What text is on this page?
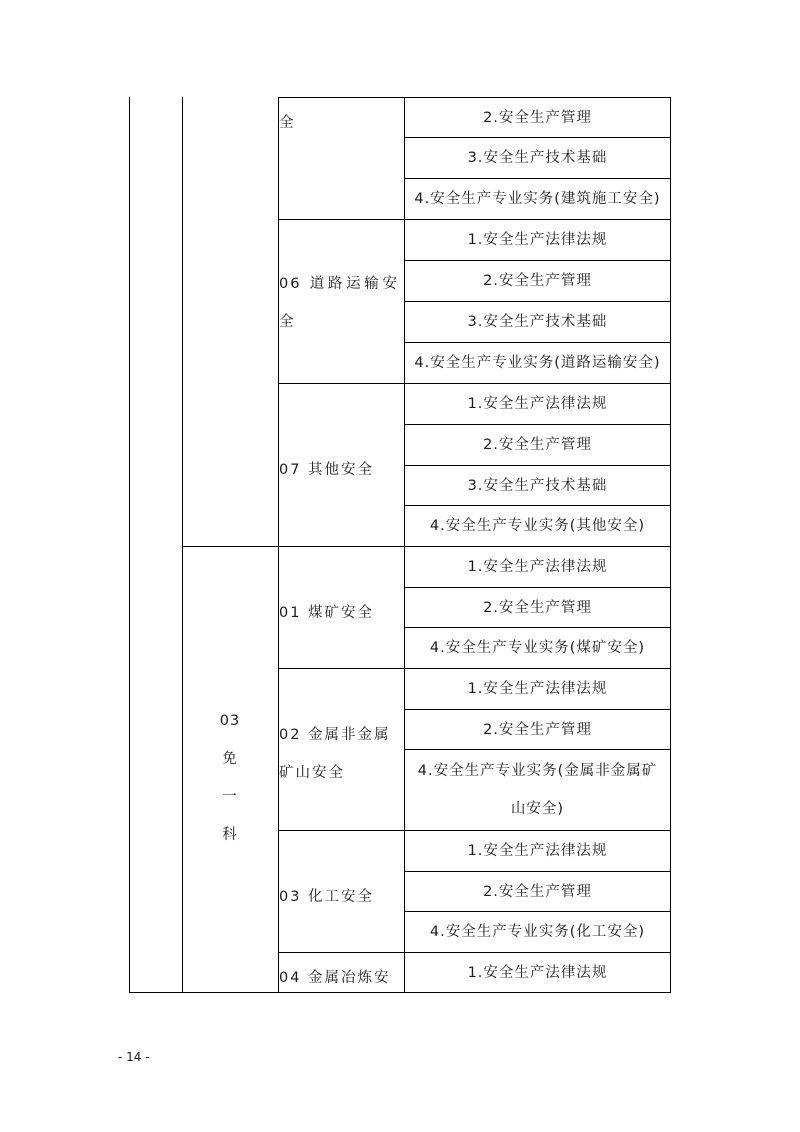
全
06 道路运输安全
07 其他安全
2.安全生产管理
3.安全生产技术基础
4.安全生产专业实务(建筑施工安全)
1.安全生产法律法规
2.安全生产管理
3.安全生产技术基础
4.安全生产专业实务(道路运输安全)
1.安全生产法律法规
2.安全生产管理
3.安全生产技术基础
4.安全生产专业实务(其他安全)
03
免
一
科
01 煤矿安全
02 金属非金属矿山安全
03 化工安全
04 金属冶炼安
1.安全生产法律法规
2.安全生产管理
4.安全生产专业实务(煤矿安全)
1.安全生产法律法规
2.安全生产管理
4.安全生产专业实务(金属非金属矿山安全)
1.安全生产法律法规
2.安全生产管理
4.安全生产专业实务(化工安全)
1.安全生产法律法规
- 14 -
